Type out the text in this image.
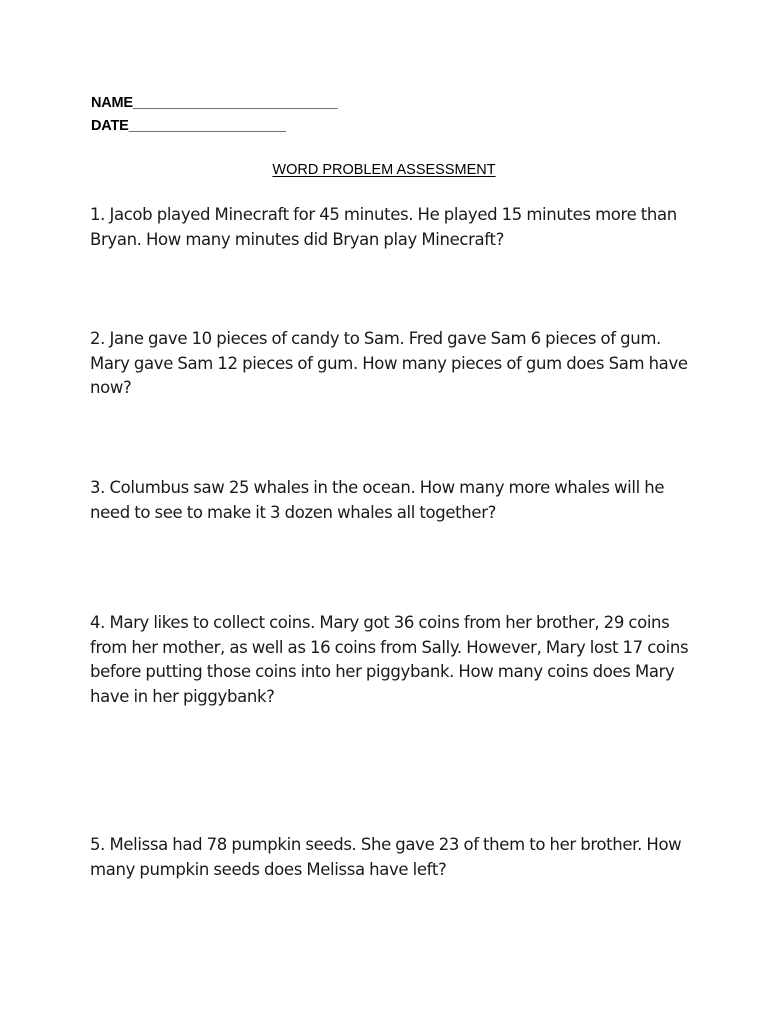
NAME__________________________
DATE____________________
WORD PROBLEM ASSESSMENT
1. Jacob played Minecraft for 45 minutes. He played 15 minutes more than Bryan. How many minutes did Bryan play Minecraft?
2. Jane gave 10 pieces of candy to Sam. Fred gave Sam 6 pieces of gum. Mary gave Sam 12 pieces of gum. How many pieces of gum does Sam have now?
3. Columbus saw 25 whales in the ocean. How many more whales will he need to see to make it 3 dozen whales all together?
4. Mary likes to collect coins. Mary got 36 coins from her brother, 29 coins from her mother, as well as 16 coins from Sally. However, Mary lost 17 coins before putting those coins into her piggybank. How many coins does Mary have in her piggybank?
5. Melissa had 78 pumpkin seeds. She gave 23 of them to her brother. How many pumpkin seeds does Melissa have left?
